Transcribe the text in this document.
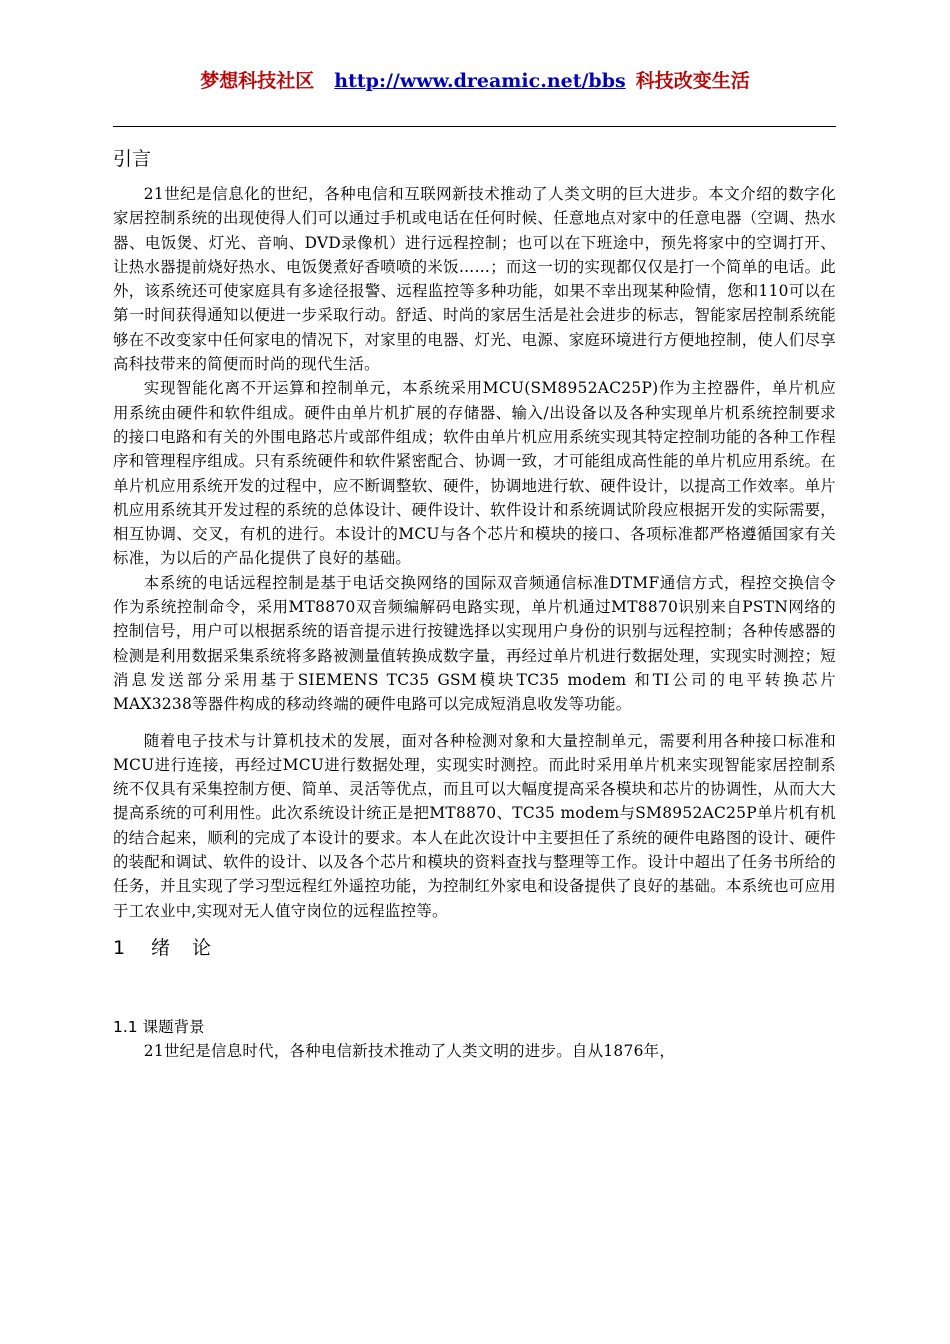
梦想科技社区 http://www.dreamic.net/bbs 科技改变生活
引言

21世纪是信息化的世纪，各种电信和互联网新技术推动了人类文明的巨大进步。本文介绍的数字化家居控制系统的出现使得人们可以通过手机或电话在任何时候、任意地点对家中的任意电器（空调、热水器、电饭煲、灯光、音响、DVD录像机）进行远程控制；也可以在下班途中，预先将家中的空调打开、让热水器提前烧好热水、电饭煲煮好香喷喷的米饭……；而这一切的实现都仅仅是打一个简单的电话。此外，该系统还可使家庭具有多途径报警、远程监控等多种功能，如果不幸出现某种险情，您和110可以在第一时间获得通知以便进一步采取行动。舒适、时尚的家居生活是社会进步的标志，智能家居控制系统能够在不改变家中任何家电的情况下，对家里的电器、灯光、电源、家庭环境进行方便地控制，使人们尽享高科技带来的简便而时尚的现代生活。

实现智能化离不开运算和控制单元，本系统采用MCU(SM8952AC25P)作为主控器件，单片机应用系统由硬件和软件组成。硬件由单片机扩展的存储器、输入/出设备以及各种实现单片机系统控制要求的接口电路和有关的外围电路芯片或部件组成；软件由单片机应用系统实现其特定控制功能的各种工作程序和管理程序组成。只有系统硬件和软件紧密配合、协调一致，才可能组成高性能的单片机应用系统。在单片机应用系统开发的过程中，应不断调整软、硬件，协调地进行软、硬件设计，以提高工作效率。单片机应用系统其开发过程的系统的总体设计、硬件设计、软件设计和系统调试阶段应根据开发的实际需要，相互协调、交叉，有机的进行。本设计的MCU与各个芯片和模块的接口、各项标准都严格遵循国家有关标准，为以后的产品化提供了良好的基础。

本系统的电话远程控制是基于电话交换网络的国际双音频通信标准DTMF通信方式，程控交换信令作为系统控制命令，采用MT8870双音频编解码电路实现，单片机通过MT8870识别来自PSTN网络的控制信号，用户可以根据系统的语音提示进行按键选择以实现用户身份的识别与远程控制；各种传感器的检测是利用数据采集系统将多路被测量值转换成数字量，再经过单片机进行数据处理，实现实时测控；短消息发送部分采用基于SIEMENS TC35 GSM模块TC35 modem 和TI公司的电平转换芯片MAX3238等器件构成的移动终端的硬件电路可以完成短消息收发等功能。

随着电子技术与计算机技术的发展，面对各种检测对象和大量控制单元，需要利用各种接口标准和MCU进行连接，再经过MCU进行数据处理，实现实时测控。而此时采用单片机来实现智能家居控制系统不仅具有采集控制方便、简单、灵活等优点，而且可以大幅度提高采各模块和芯片的协调性，从而大大提高系统的可利用性。此次系统设计统正是把MT8870、TC35 modem与SM8952AC25P单片机有机的结合起来，顺利的完成了本设计的要求。本人在此次设计中主要担任了系统的硬件电路图的设计、硬件的装配和调试、软件的设计、以及各个芯片和模块的资料查找与整理等工作。设计中超出了任务书所给的任务，并且实现了学习型远程红外遥控功能，为控制红外家电和设备提供了良好的基础。本系统也可应用于工农业中,实现对无人值守岗位的远程监控等。

1 绪 论
1.1 课题背景

21世纪是信息时代，各种电信新技术推动了人类文明的进步。自从1876年，
